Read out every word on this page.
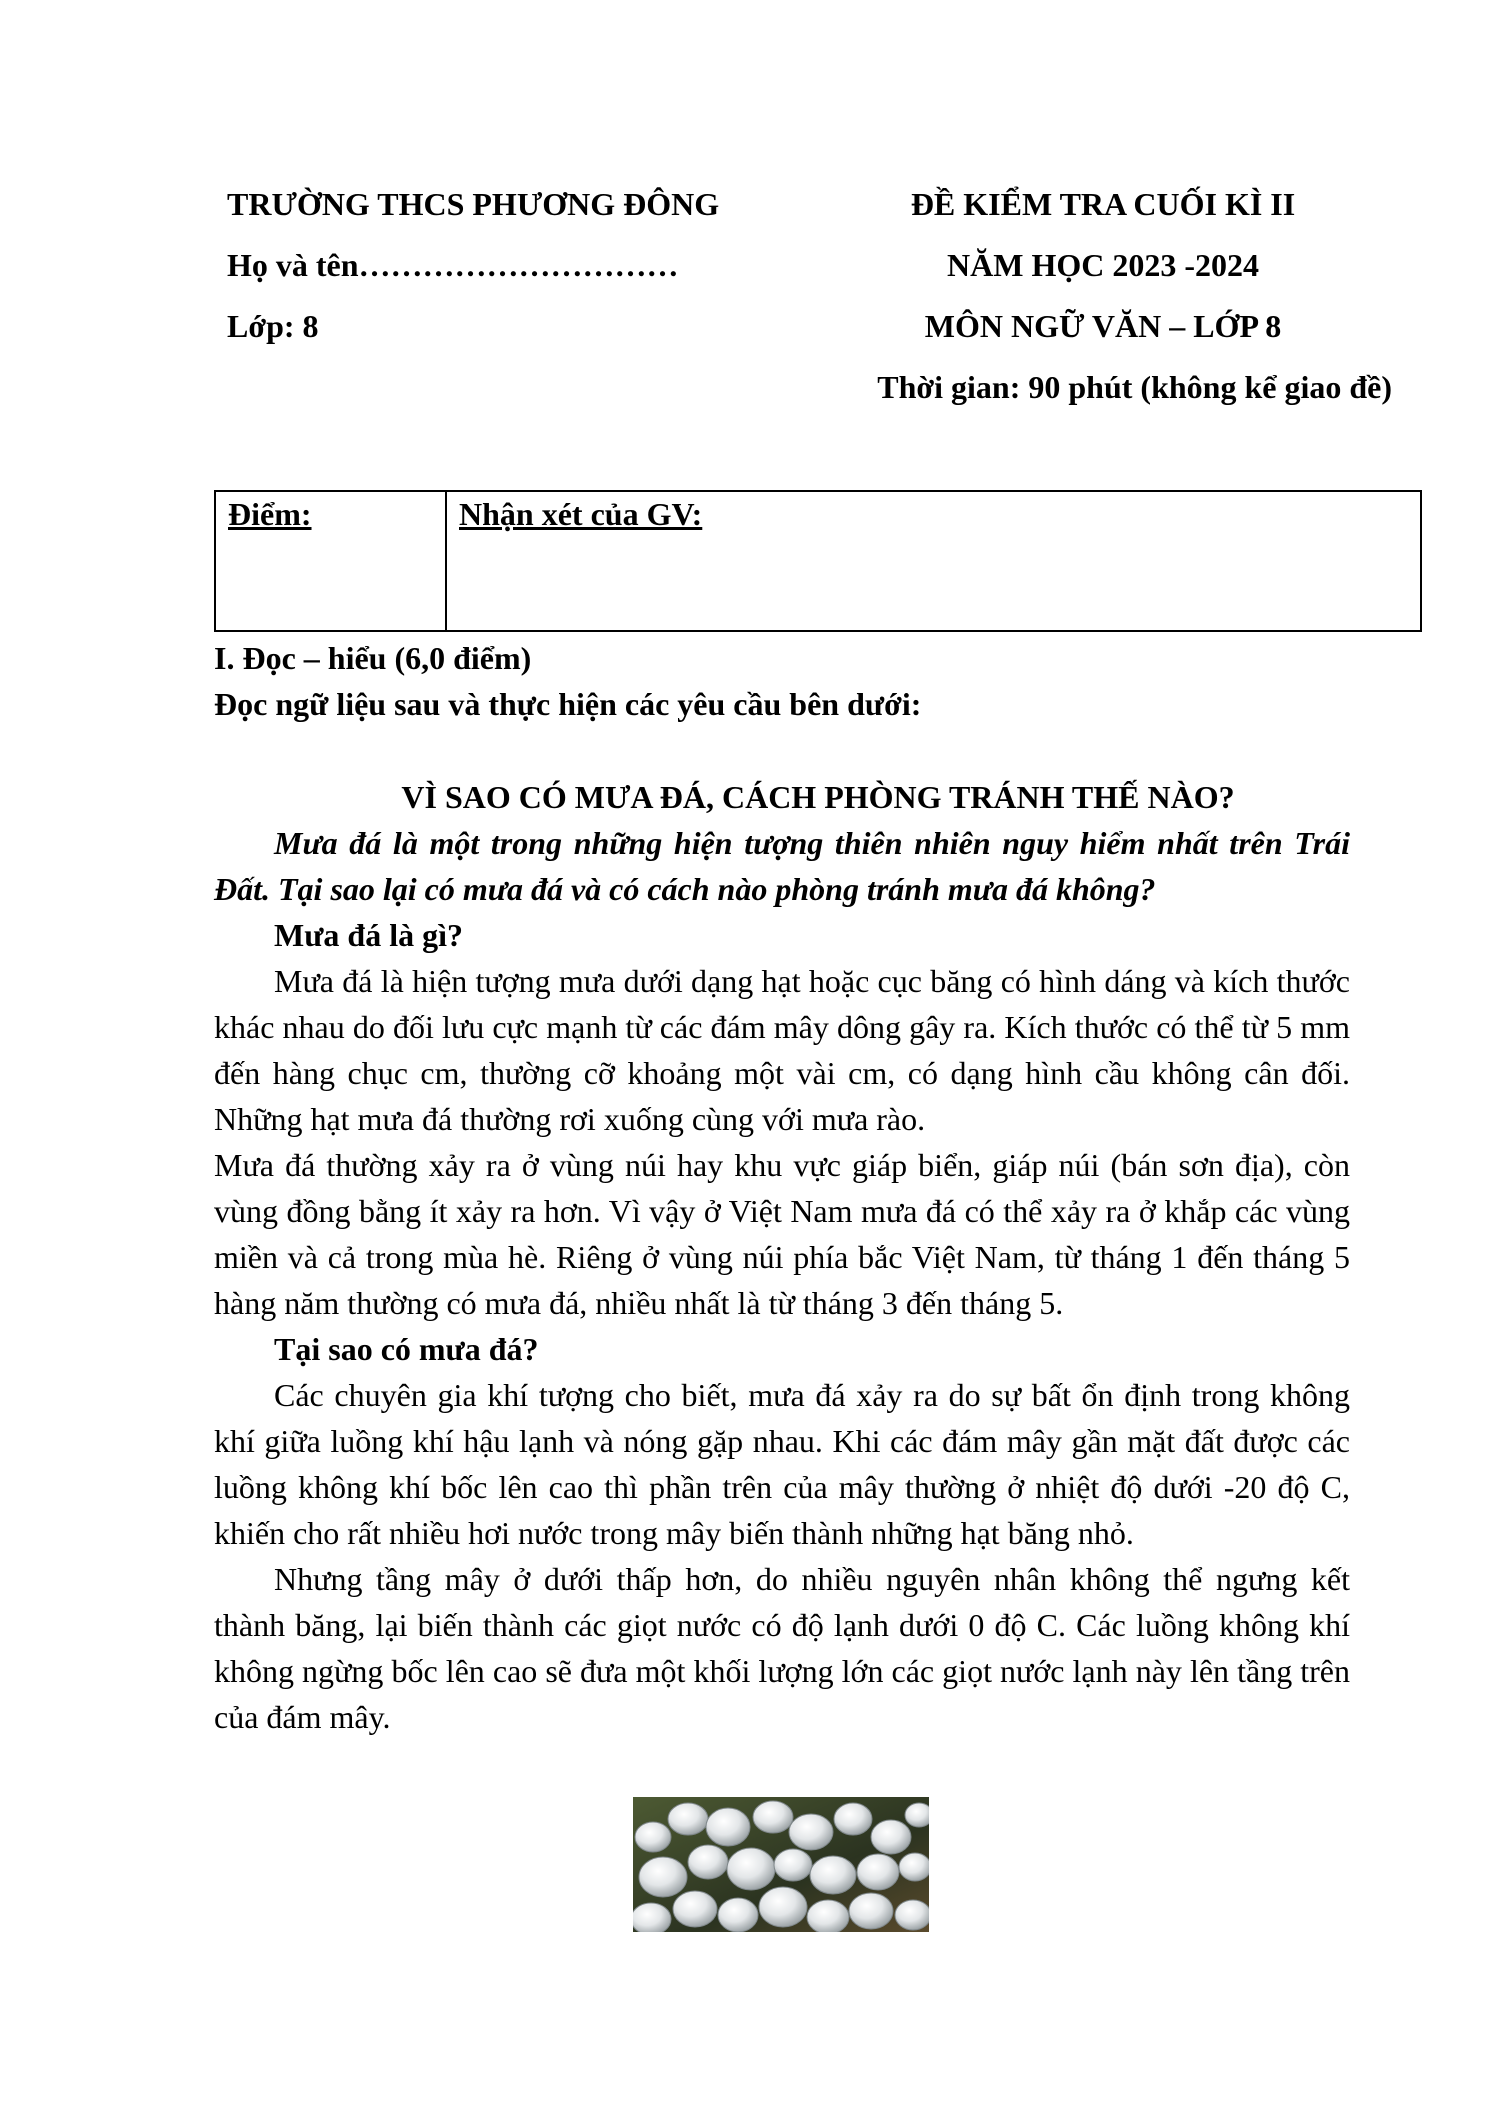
TRƯỜNG THCS PHƯƠNG ĐÔNG
Họ và tên…………………………
Lớp: 8
ĐỀ KIỂM TRA CUỐI KÌ II
NĂM HỌC 2023 -2024
MÔN NGỮ VĂN – LỚP 8
Thời gian: 90 phút (không kể giao đề)
Điểm:	Nhận xét của GV:
I. Đọc – hiểu (6,0 điểm)
Đọc ngữ liệu sau và thực hiện các yêu cầu bên dưới:
VÌ SAO CÓ MƯA ĐÁ, CÁCH PHÒNG TRÁNH THẾ NÀO?

Mưa đá là một trong những hiện tượng thiên nhiên nguy hiểm nhất trên Trái Đất. Tại sao lại có mưa đá và có cách nào phòng tránh mưa đá không?

Mưa đá là gì?

Mưa đá là hiện tượng mưa dưới dạng hạt hoặc cục băng có hình dáng và kích thước khác nhau do đối lưu cực mạnh từ các đám mây dông gây ra. Kích thước có thể từ 5 mm đến hàng chục cm, thường cỡ khoảng một vài cm, có dạng hình cầu không cân đối. Những hạt mưa đá thường rơi xuống cùng với mưa rào.

Mưa đá thường xảy ra ở vùng núi hay khu vực giáp biển, giáp núi (bán sơn địa), còn vùng đồng bằng ít xảy ra hơn. Vì vậy ở Việt Nam mưa đá có thể xảy ra ở khắp các vùng miền và cả trong mùa hè. Riêng ở vùng núi phía bắc Việt Nam, từ tháng 1 đến tháng 5 hàng năm thường có mưa đá, nhiều nhất là từ tháng 3 đến tháng 5.

Tại sao có mưa đá?

Các chuyên gia khí tượng cho biết, mưa đá xảy ra do sự bất ổn định trong không khí giữa luồng khí hậu lạnh và nóng gặp nhau. Khi các đám mây gần mặt đất được các luồng không khí bốc lên cao thì phần trên của mây thường ở nhiệt độ dưới -20 độ C, khiến cho rất nhiều hơi nước trong mây biến thành những hạt băng nhỏ.

Nhưng tầng mây ở dưới thấp hơn, do nhiều nguyên nhân không thể ngưng kết thành băng, lại biến thành các giọt nước có độ lạnh dưới 0 độ C. Các luồng không khí không ngừng bốc lên cao sẽ đưa một khối lượng lớn các giọt nước lạnh này lên tầng trên của đám mây.
